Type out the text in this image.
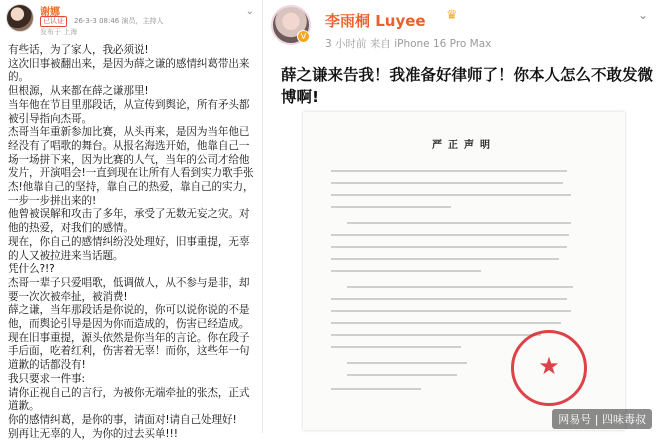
谢娜
已认证	26-3-3 08:46 演员，主持人
发布于 上海
⌄

有些话，为了家人，我必须说!

这次旧事被翻出来，是因为薛之谦的感情纠葛带出来的。

但根源，从来都在薛之谦那里!

当年他在节目里那段话，从宣传到舆论，所有矛头都被引导指向杰哥。

杰哥当年重新参加比赛，从头再来，是因为当年他已经没有了唱歌的舞台。从报名海选开始，他靠自己一场一场拼下来，因为比赛的人气，当年的公司才给他发片，开演唱会!一直到现在让所有人看到实力歌手张杰!他靠自己的坚持，靠自己的热爱，靠自己的实力，一步一步拼出来的!

他曾被误解和攻击了多年，承受了无数无妄之灾。对他的热爱，对我们的感情。

现在，你自己的感情纠纷没处理好，旧事重提，无辜的人又被拉进来当话题。

凭什么?!?

杰哥一辈子只爱唱歌，低调做人，从不参与是非，却要一次次被牵扯，被消费!

薛之谦，当年那段话是你说的，你可以说你说的不是他，而舆论引导是因为你而造成的，伤害已经造成。现在旧事重提，源头依然是你当年的言论。你在段子手后面，吃着红利，伤害着无辜！而你，这些年一句道歉的话都没有!

我只要求一件事:

请你正视自己的言行，为被你无端牵扯的张杰，正式道歉。

你的感情纠葛，是你的事，请面对!请自己处理好!

别再让无辜的人，为你的过去买单!!!

V
李雨桐 Luyee ♛
3 小时前 来自 iPhone 16 Pro Max
⌄
薛之谦来告我！我准备好律师了！你本人怎么不敢发微博啊!
严正声明
★
网易号 | 四味毒叔
